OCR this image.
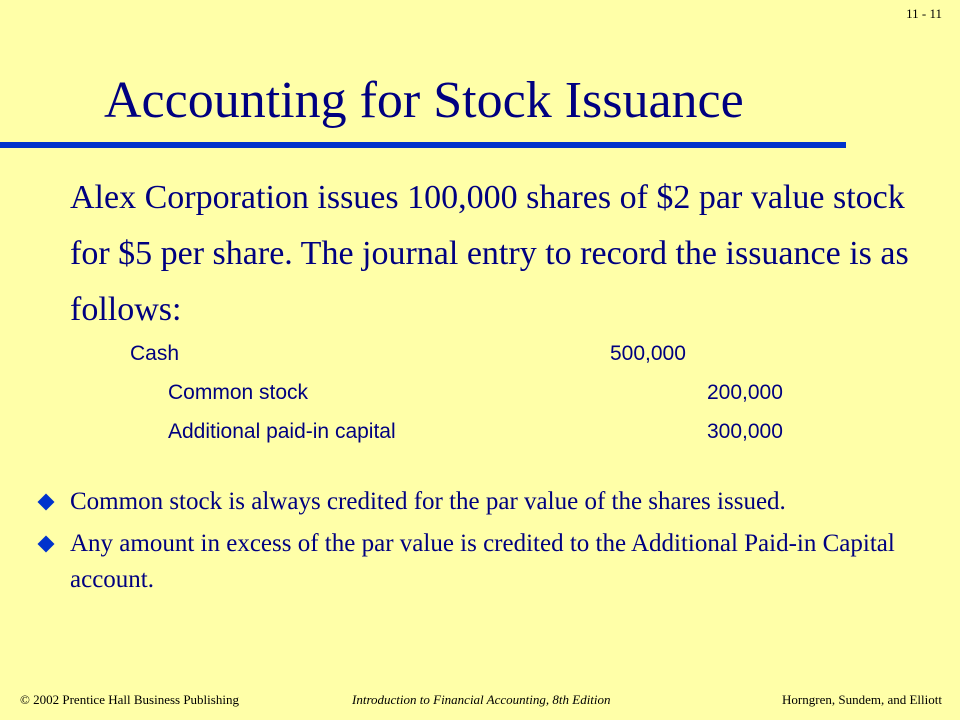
11 - 11
Accounting for Stock Issuance
Alex Corporation issues 100,000 shares of $2 par value stock for $5 per share. The journal entry to record the issuance is as follows:
Cash	500,000
Common stock	200,000
Additional paid-in capital	300,000
Common stock is always credited for the par value of the shares issued.
Any amount in excess of the par value is credited to the Additional Paid-in Capital account.
© 2002 Prentice Hall Business Publishing	Introduction to Financial Accounting, 8th Edition	Horngren, Sundem, and Elliott
